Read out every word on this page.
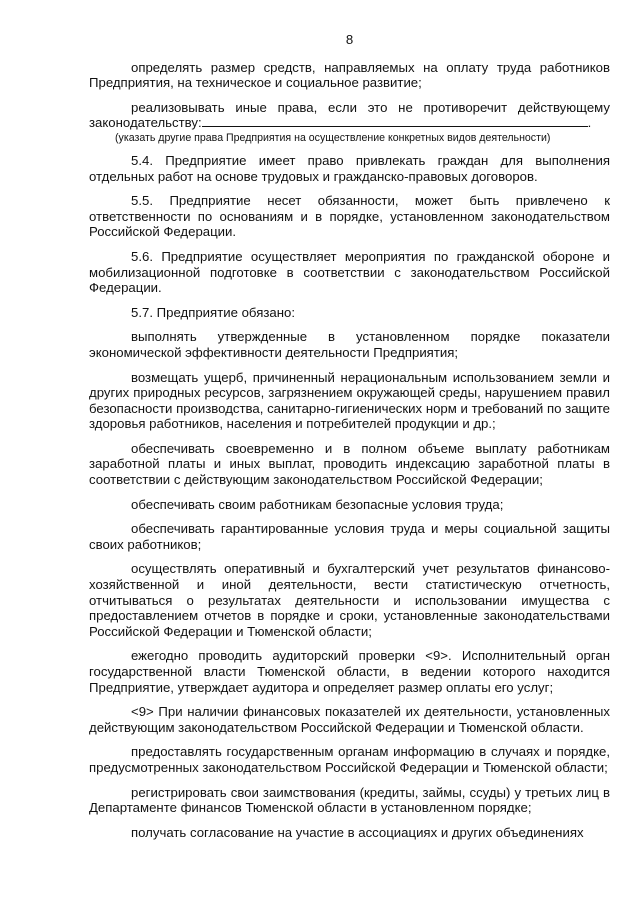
8

определять размер средств, направляемых на оплату труда работников Предприятия, на техническое и социальное развитие;

реализовывать иные права, если это не противоречит действующему законодательству:	.

(указать другие права Предприятия на осуществление конкретных видов деятельности)

5.4. Предприятие имеет право привлекать граждан для выполнения отдельных работ на основе трудовых и гражданско-правовых договоров.

5.5. Предприятие несет обязанности, может быть привлечено к ответственности по основаниям и в порядке, установленном законодательством Российской Федерации.

5.6. Предприятие осуществляет мероприятия по гражданской обороне и мобилизационной подготовке в соответствии с законодательством Российской Федерации.

5.7. Предприятие обязано:

выполнять утвержденные в установленном порядке показатели экономической эффективности деятельности Предприятия;

возмещать ущерб, причиненный нерациональным использованием земли и других природных ресурсов, загрязнением окружающей среды, нарушением правил безопасности производства, санитарно-гигиенических норм и требований по защите здоровья работников, населения и потребителей продукции и др.;

обеспечивать своевременно и в полном объеме выплату работникам заработной платы и иных выплат, проводить индексацию заработной платы в соответствии с действующим законодательством Российской Федерации;

обеспечивать своим работникам безопасные условия труда;

обеспечивать гарантированные условия труда и меры социальной защиты своих работников;

осуществлять оперативный и бухгалтерский учет результатов финансово-хозяйственной и иной деятельности, вести статистическую отчетность, отчитываться о результатах деятельности и использовании имущества с предоставлением отчетов в порядке и сроки, установленные законодательствами Российской Федерации и Тюменской области;

ежегодно проводить аудиторский проверки <9>. Исполнительный орган государственной власти Тюменской области, в ведении которого находится Предприятие, утверждает аудитора и определяет размер оплаты его услуг;

<9> При наличии финансовых показателей их деятельности, установленных действующим законодательством Российской Федерации и Тюменской области.

предоставлять государственным органам информацию в случаях и порядке, предусмотренных законодательством Российской Федерации и Тюменской области;

регистрировать свои заимствования (кредиты, займы, ссуды) у третьих лиц в Департаменте финансов Тюменской области в установленном порядке;

получать согласование на участие в ассоциациях и других объединениях
